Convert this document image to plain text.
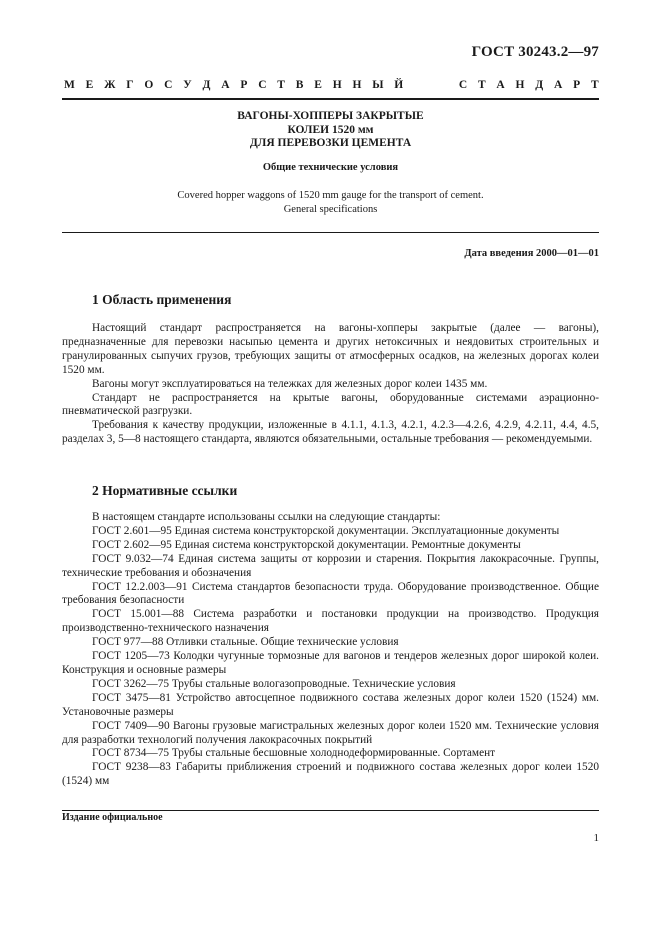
ГОСТ 30243.2—97
М Е Ж Г О С У Д А Р С Т В Е Н Н Ы Й	С Т А Н Д А Р Т
ВАГОНЫ-ХОППЕРЫ ЗАКРЫТЫЕ
КОЛЕИ 1520 мм
ДЛЯ ПЕРЕВОЗКИ ЦЕМЕНТА
Общие технические условия
Covered hopper waggons of 1520 mm gauge for the transport of cement.
General specifications
Дата введения 2000—01—01
1 Область применения

Настоящий стандарт распространяется на вагоны-хопперы закрытые (далее — вагоны), предназначенные для перевозки насыпью цемента и других нетоксичных и неядовитых строительных и гранулированных сыпучих грузов, требующих защиты от атмосферных осадков, на железных дорогах колеи 1520 мм.

Вагоны могут эксплуатироваться на тележках для железных дорог колеи 1435 мм.

Стандарт не распространяется на крытые вагоны, оборудованные системами аэрационно-пневматической разгрузки.

Требования к качеству продукции, изложенные в 4.1.1, 4.1.3, 4.2.1, 4.2.3—4.2.6, 4.2.9, 4.2.11, 4.4, 4.5, разделах 3, 5—8 настоящего стандарта, являются обязательными, остальные требования — рекомендуемыми.

2 Нормативные ссылки

В настоящем стандарте использованы ссылки на следующие стандарты:

ГОСТ 2.601—95 Единая система конструкторской документации. Эксплуатационные документы

ГОСТ 2.602—95 Единая система конструкторской документации. Ремонтные документы

ГОСТ 9.032—74 Единая система защиты от коррозии и старения. Покрытия лакокрасочные. Группы, технические требования и обозначения

ГОСТ 12.2.003—91 Система стандартов безопасности труда. Оборудование производственное. Общие требования безопасности

ГОСТ 15.001—88 Система разработки и постановки продукции на производство. Продукция производственно-технического назначения

ГОСТ 977—88 Отливки стальные. Общие технические условия

ГОСТ 1205—73 Колодки чугунные тормозные для вагонов и тендеров железных дорог широкой колеи. Конструкция и основные размеры

ГОСТ 3262—75 Трубы стальные вологазопроводные. Технические условия

ГОСТ 3475—81 Устройство автосцепное подвижного состава железных дорог колеи 1520 (1524) мм. Установочные размеры

ГОСТ 7409—90 Вагоны грузовые магистральных железных дорог колеи 1520 мм. Технические условия для разработки технологий получения лакокрасочных покрытий

ГОСТ 8734—75 Трубы стальные бесшовные холоднодеформированные. Сортамент

ГОСТ 9238—83 Габариты приближения строений и подвижного состава железных дорог колеи 1520 (1524) мм

Издание официальное
1
